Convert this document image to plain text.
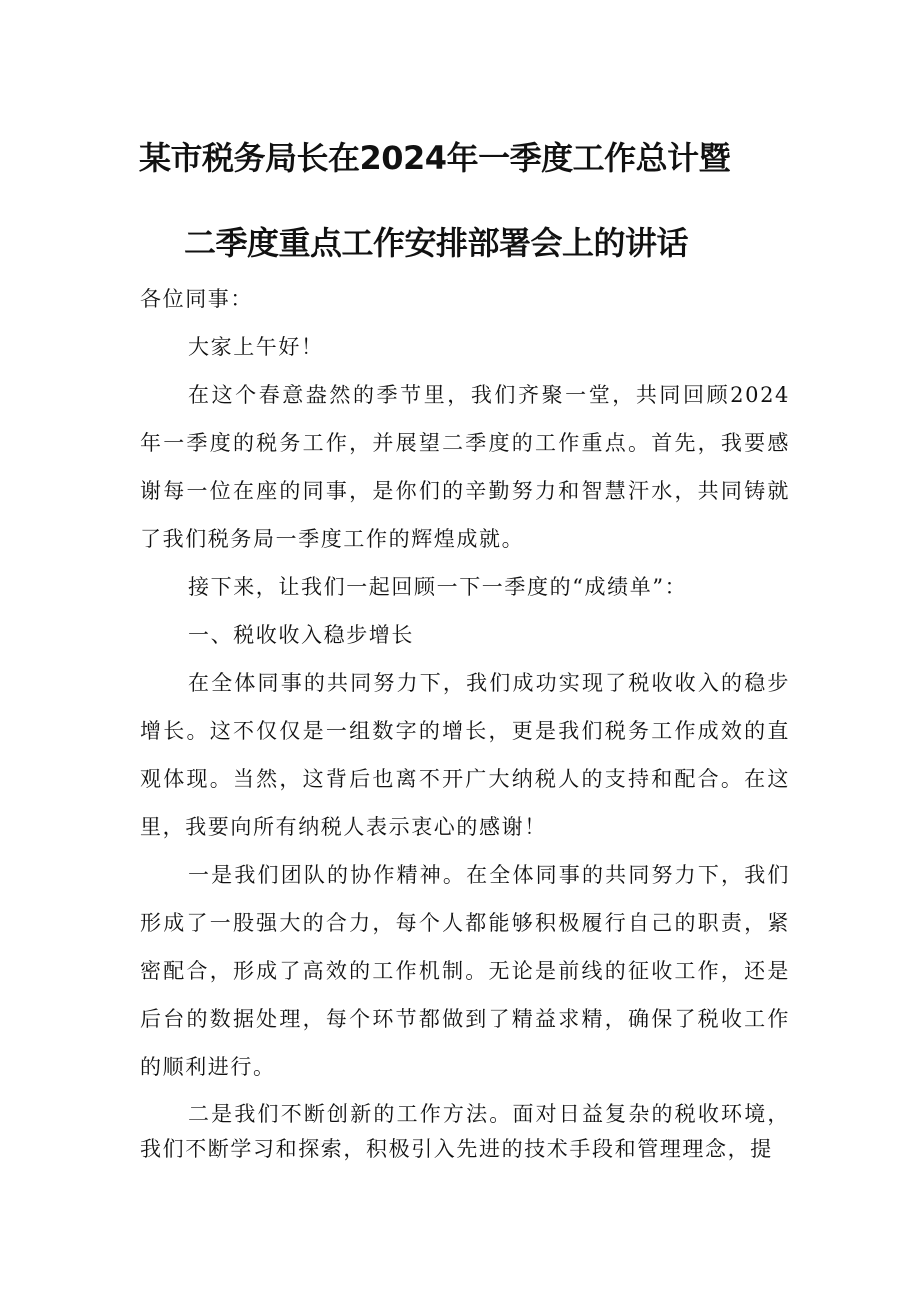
某市税务局长在2024年一季度工作总计暨
二季度重点工作安排部署会上的讲话

各位同事：

大家上午好！

在这个春意盎然的季节里，我们齐聚一堂，共同回顾2024年一季度的税务工作，并展望二季度的工作重点。首先，我要感谢每一位在座的同事，是你们的辛勤努力和智慧汗水，共同铸就了我们税务局一季度工作的辉煌成就。

接下来，让我们一起回顾一下一季度的“成绩单”：

一、税收收入稳步增长

在全体同事的共同努力下，我们成功实现了税收收入的稳步增长。这不仅仅是一组数字的增长，更是我们税务工作成效的直观体现。当然，这背后也离不开广大纳税人的支持和配合。在这里，我要向所有纳税人表示衷心的感谢！

一是我们团队的协作精神。在全体同事的共同努力下，我们形成了一股强大的合力，每个人都能够积极履行自己的职责，紧密配合，形成了高效的工作机制。无论是前线的征收工作，还是后台的数据处理，每个环节都做到了精益求精，确保了税收工作的顺利进行。

二是我们不断创新的工作方法。面对日益复杂的税收环境，我们不断学习和探索，积极引入先进的技术手段和管理理念，提
